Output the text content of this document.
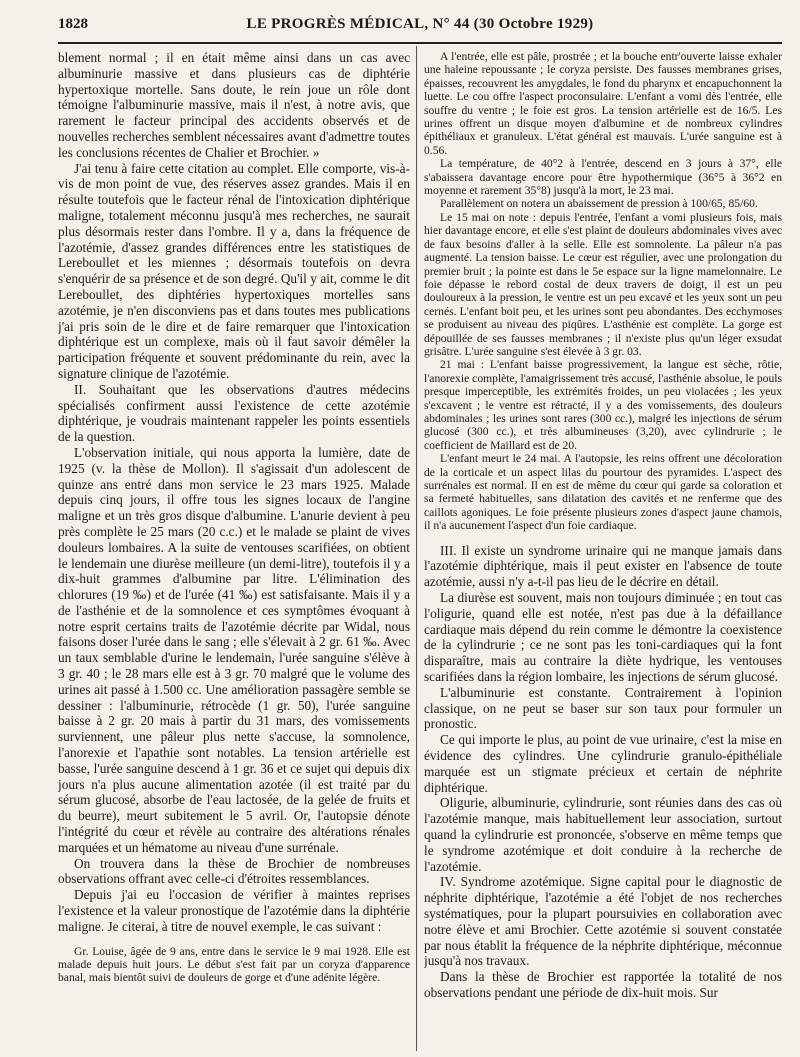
1828	LE PROGRÈS MÉDICAL, N° 44 (30 Octobre 1929)

blement normal ; il en était même ainsi dans un cas avec albuminurie massive et dans plusieurs cas de diphtérie hypertoxique mortelle. Sans doute, le rein joue un rôle dont témoigne l'albuminurie massive, mais il n'est, à notre avis, que rarement le facteur principal des accidents observés et de nouvelles recherches semblent nécessaires avant d'admettre toutes les conclusions récentes de Chalier et Brochier. »

J'ai tenu à faire cette citation au complet. Elle comporte, vis-à-vis de mon point de vue, des réserves assez grandes. Mais il en résulte toutefois que le facteur rénal de l'intoxication diphtérique maligne, totalement méconnu jusqu'à mes recherches, ne saurait plus désormais rester dans l'ombre. Il y a, dans la fréquence de l'azotémie, d'assez grandes différences entre les statistiques de Lereboullet et les miennes ; désormais toutefois on devra s'enquérir de sa présence et de son degré. Qu'il y ait, comme le dit Lereboullet, des diphtéries hypertoxiques mortelles sans azotémie, je n'en disconviens pas et dans toutes mes publications j'ai pris soin de le dire et de faire remarquer que l'intoxication diphtérique est un complexe, mais où il faut savoir démêler la participation fréquente et souvent prédominante du rein, avec la signature clinique de l'azotémie.

II. Souhaitant que les observations d'autres médecins spécialisés confirment aussi l'existence de cette azotémie diphtérique, je voudrais maintenant rappeler les points essentiels de la question.

L'observation initiale, qui nous apporta la lumière, date de 1925 (v. la thèse de Mollon). Il s'agissait d'un adolescent de quinze ans entré dans mon service le 23 mars 1925. Malade depuis cinq jours, il offre tous les signes locaux de l'angine maligne et un très gros disque d'albumine. L'anurie devient à peu près complète le 25 mars (20 c.c.) et le malade se plaint de vives douleurs lombaires. A la suite de ventouses scarifiées, on obtient le lendemain une diurèse meilleure (un demi-litre), toutefois il y a dix-huit grammes d'albumine par litre. L'élimination des chlorures (19 ‰) et de l'urée (41 ‰) est satisfaisante. Mais il y a de l'asthénie et de la somnolence et ces symptômes évoquant à notre esprit certains traits de l'azotémie décrite par Widal, nous faisons doser l'urée dans le sang ; elle s'élevait à 2 gr. 61 ‰. Avec un taux semblable d'urine le lendemain, l'urée sanguine s'élève à 3 gr. 40 ; le 28 mars elle est à 3 gr. 70 malgré que le volume des urines ait passé à 1.500 cc. Une amélioration passagère semble se dessiner : l'albuminurie, rétrocède (1 gr. 50), l'urée sanguine baisse à 2 gr. 20 mais à partir du 31 mars, des vomissements surviennent, une pâleur plus nette s'accuse, la somnolence, l'anorexie et l'apathie sont notables. La tension artérielle est basse, l'urée sanguine descend à 1 gr. 36 et ce sujet qui depuis dix jours n'a plus aucune alimentation azotée (il est traité par du sérum glucosé, absorbe de l'eau lactosée, de la gelée de fruits et du beurre), meurt subitement le 5 avril. Or, l'autopsie dénote l'intégrité du cœur et révèle au contraire des altérations rénales marquées et un hématome au niveau d'une surrénale.

On trouvera dans la thèse de Brochier de nombreuses observations offrant avec celle-ci d'étroites ressemblances.

Depuis j'ai eu l'occasion de vérifier à maintes reprises l'existence et la valeur pronostique de l'azotémie dans la diphtérie maligne. Je citerai, à titre de nouvel exemple, le cas suivant :

Gr. Louise, âgée de 9 ans, entre dans le service le 9 mai 1928. Elle est malade depuis huit jours. Le début s'est fait par un coryza d'apparence banal, mais bientôt suivi de douleurs de gorge et d'une adénite légère.

A l'entrée, elle est pâle, prostrée ; et la bouche entr'ouverte laisse exhaler une haleine repoussante ; le coryza persiste. Des fausses membranes grises, épaisses, recouvrent les amygdales, le fond du pharynx et encapuchonnent la luette. Le cou offre l'aspect proconsulaire. L'enfant a vomi dès l'entrée, elle souffre du ventre ; le foie est gros. La tension artérielle est de 16/5. Les urines offrent un disque moyen d'albumine et de nombreux cylindres épithéliaux et granuleux. L'état général est mauvais. L'urée sanguine est à 0.56.

La température, de 40°2 à l'entrée, descend en 3 jours à 37°, elle s'abaissera davantage encore pour être hypothermique (36°5 à 36°2 en moyenne et rarement 35°8) jusqu'à la mort, le 23 mai.

Parallèlement on notera un abaissement de pression à 100/65, 85/60.

Le 15 mai on note : depuis l'entrée, l'enfant a vomi plusieurs fois, mais hier davantage encore, et elle s'est plaint de douleurs abdominales vives avec de faux besoins d'aller à la selle. Elle est somnolente. La pâleur n'a pas augmenté. La tension baisse. Le cœur est régulier, avec une prolongation du premier bruit ; la pointe est dans le 5e espace sur la ligne mamelonnaire. Le foie dépasse le rebord costal de deux travers de doigt, il est un peu douloureux à la pression, le ventre est un peu excavé et les yeux sont un peu cernés. L'enfant boit peu, et les urines sont peu abondantes. Des ecchymoses se produisent au niveau des piqûres. L'asthénie est complète. La gorge est dépouillée de ses fausses membranes ; il n'existe plus qu'un léger exsudat grisâtre. L'urée sanguine s'est élevée à 3 gr. 03.

21 mai : L'enfant baisse progressivement, la langue est sèche, rôtie, l'anorexie complète, l'amaigrissement très accusé, l'asthénie absolue, le pouls presque imperceptible, les extrémités froides, un peu violacées ; les yeux s'excavent ; le ventre est rétracté, il y a des vomissements, des douleurs abdominales ; les urines sont rares (300 cc.), malgré les injections de sérum glucosé (300 cc.), et très albumineuses (3,20), avec cylindrurie ; le coefficient de Maillard est de 20.

L'enfant meurt le 24 mai. A l'autopsie, les reins offrent une décoloration de la corticale et un aspect lilas du pourtour des pyramides. L'aspect des surrénales est normal. Il en est de même du cœur qui garde sa coloration et sa fermeté habituelles, sans dilatation des cavités et ne renferme que des caillots agoniques. Le foie présente plusieurs zones d'aspect jaune chamois, il n'a aucunement l'aspect d'un foie cardiaque.

III. Il existe un syndrome urinaire qui ne manque jamais dans l'azotémie diphtérique, mais il peut exister en l'absence de toute azotémie, aussi n'y a-t-il pas lieu de le décrire en détail.

La diurèse est souvent, mais non toujours diminuée ; en tout cas l'oligurie, quand elle est notée, n'est pas due à la défaillance cardiaque mais dépend du rein comme le démontre la coexistence de la cylindrurie ; ce ne sont pas les toni-cardiaques qui la font disparaître, mais au contraire la diète hydrique, les ventouses scarifiées dans la région lombaire, les injections de sérum glucosé.

L'albuminurie est constante. Contrairement à l'opinion classique, on ne peut se baser sur son taux pour formuler un pronostic.

Ce qui importe le plus, au point de vue urinaire, c'est la mise en évidence des cylindres. Une cylindrurie granulo-épithéliale marquée est un stigmate précieux et certain de néphrite diphtérique.

Oligurie, albuminurie, cylindrurie, sont réunies dans des cas où l'azotémie manque, mais habituellement leur association, surtout quand la cylindrurie est prononcée, s'observe en même temps que le syndrome azotémique et doit conduire à la recherche de l'azotémie.

IV. Syndrome azotémique. Signe capital pour le diagnostic de néphrite diphtérique, l'azotémie a été l'objet de nos recherches systématiques, pour la plupart poursuivies en collaboration avec notre élève et ami Brochier. Cette azotémie si souvent constatée par nous établit la fréquence de la néphrite diphtérique, méconnue jusqu'à nos travaux.

Dans la thèse de Brochier est rapportée la totalité de nos observations pendant une période de dix-huit mois. Sur
